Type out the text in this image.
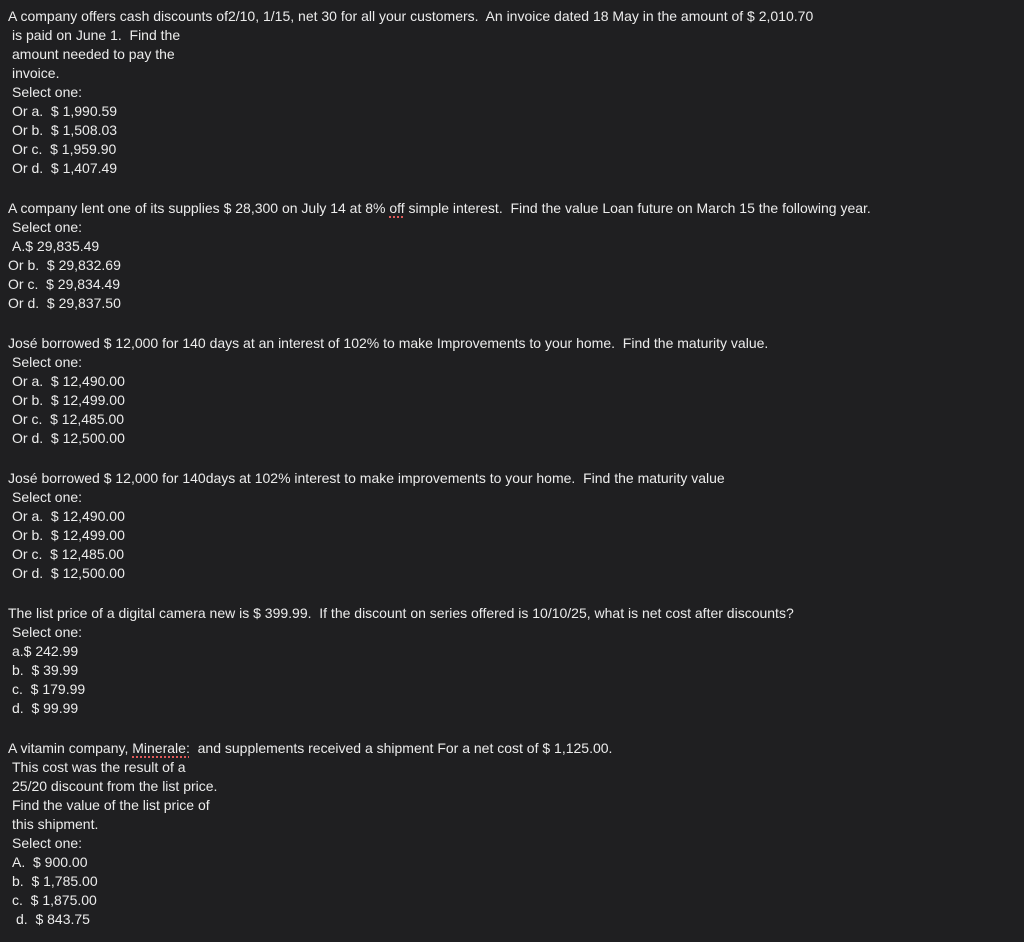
A company offers cash discounts of2/10, 1/15, net 30 for all your customers.  An invoice dated 18 May in the amount of $ 2,010.70
is paid on June 1.  Find the
amount needed to pay the
invoice.
Select one:
Or a.  $ 1,990.59
Or b.  $ 1,508.03
Or c.  $ 1,959.90
Or d.  $ 1,407.49
A company lent one of its supplies $ 28,300 on July 14 at 8% off simple interest.  Find the value Loan future on March 15 the following year.
Select one:
A.$ 29,835.49
Or b.  $ 29,832.69
Or c.  $ 29,834.49
Or d.  $ 29,837.50
José borrowed $ 12,000 for 140 days at an interest of 102% to make Improvements to your home.  Find the maturity value.
Select one:
Or a.  $ 12,490.00
Or b.  $ 12,499.00
Or c.  $ 12,485.00
Or d.  $ 12,500.00
José borrowed $ 12,000 for 140days at 102% interest to make improvements to your home.  Find the maturity value
Select one:
Or a.  $ 12,490.00
Or b.  $ 12,499.00
Or c.  $ 12,485.00
Or d.  $ 12,500.00
The list price of a digital camera new is $ 399.99.  If the discount on series offered is 10/10/25, what is net cost after discounts?
Select one:
a.$ 242.99
b.  $ 39.99
c.  $ 179.99
d.  $ 99.99
A vitamin company, Minerale:  and supplements received a shipment For a net cost of $ 1,125.00.
This cost was the result of a
25/20 discount from the list price.
Find the value of the list price of
this shipment.
Select one:
A.  $ 900.00
b.  $ 1,785.00
c.  $ 1,875.00
d.  $ 843.75
